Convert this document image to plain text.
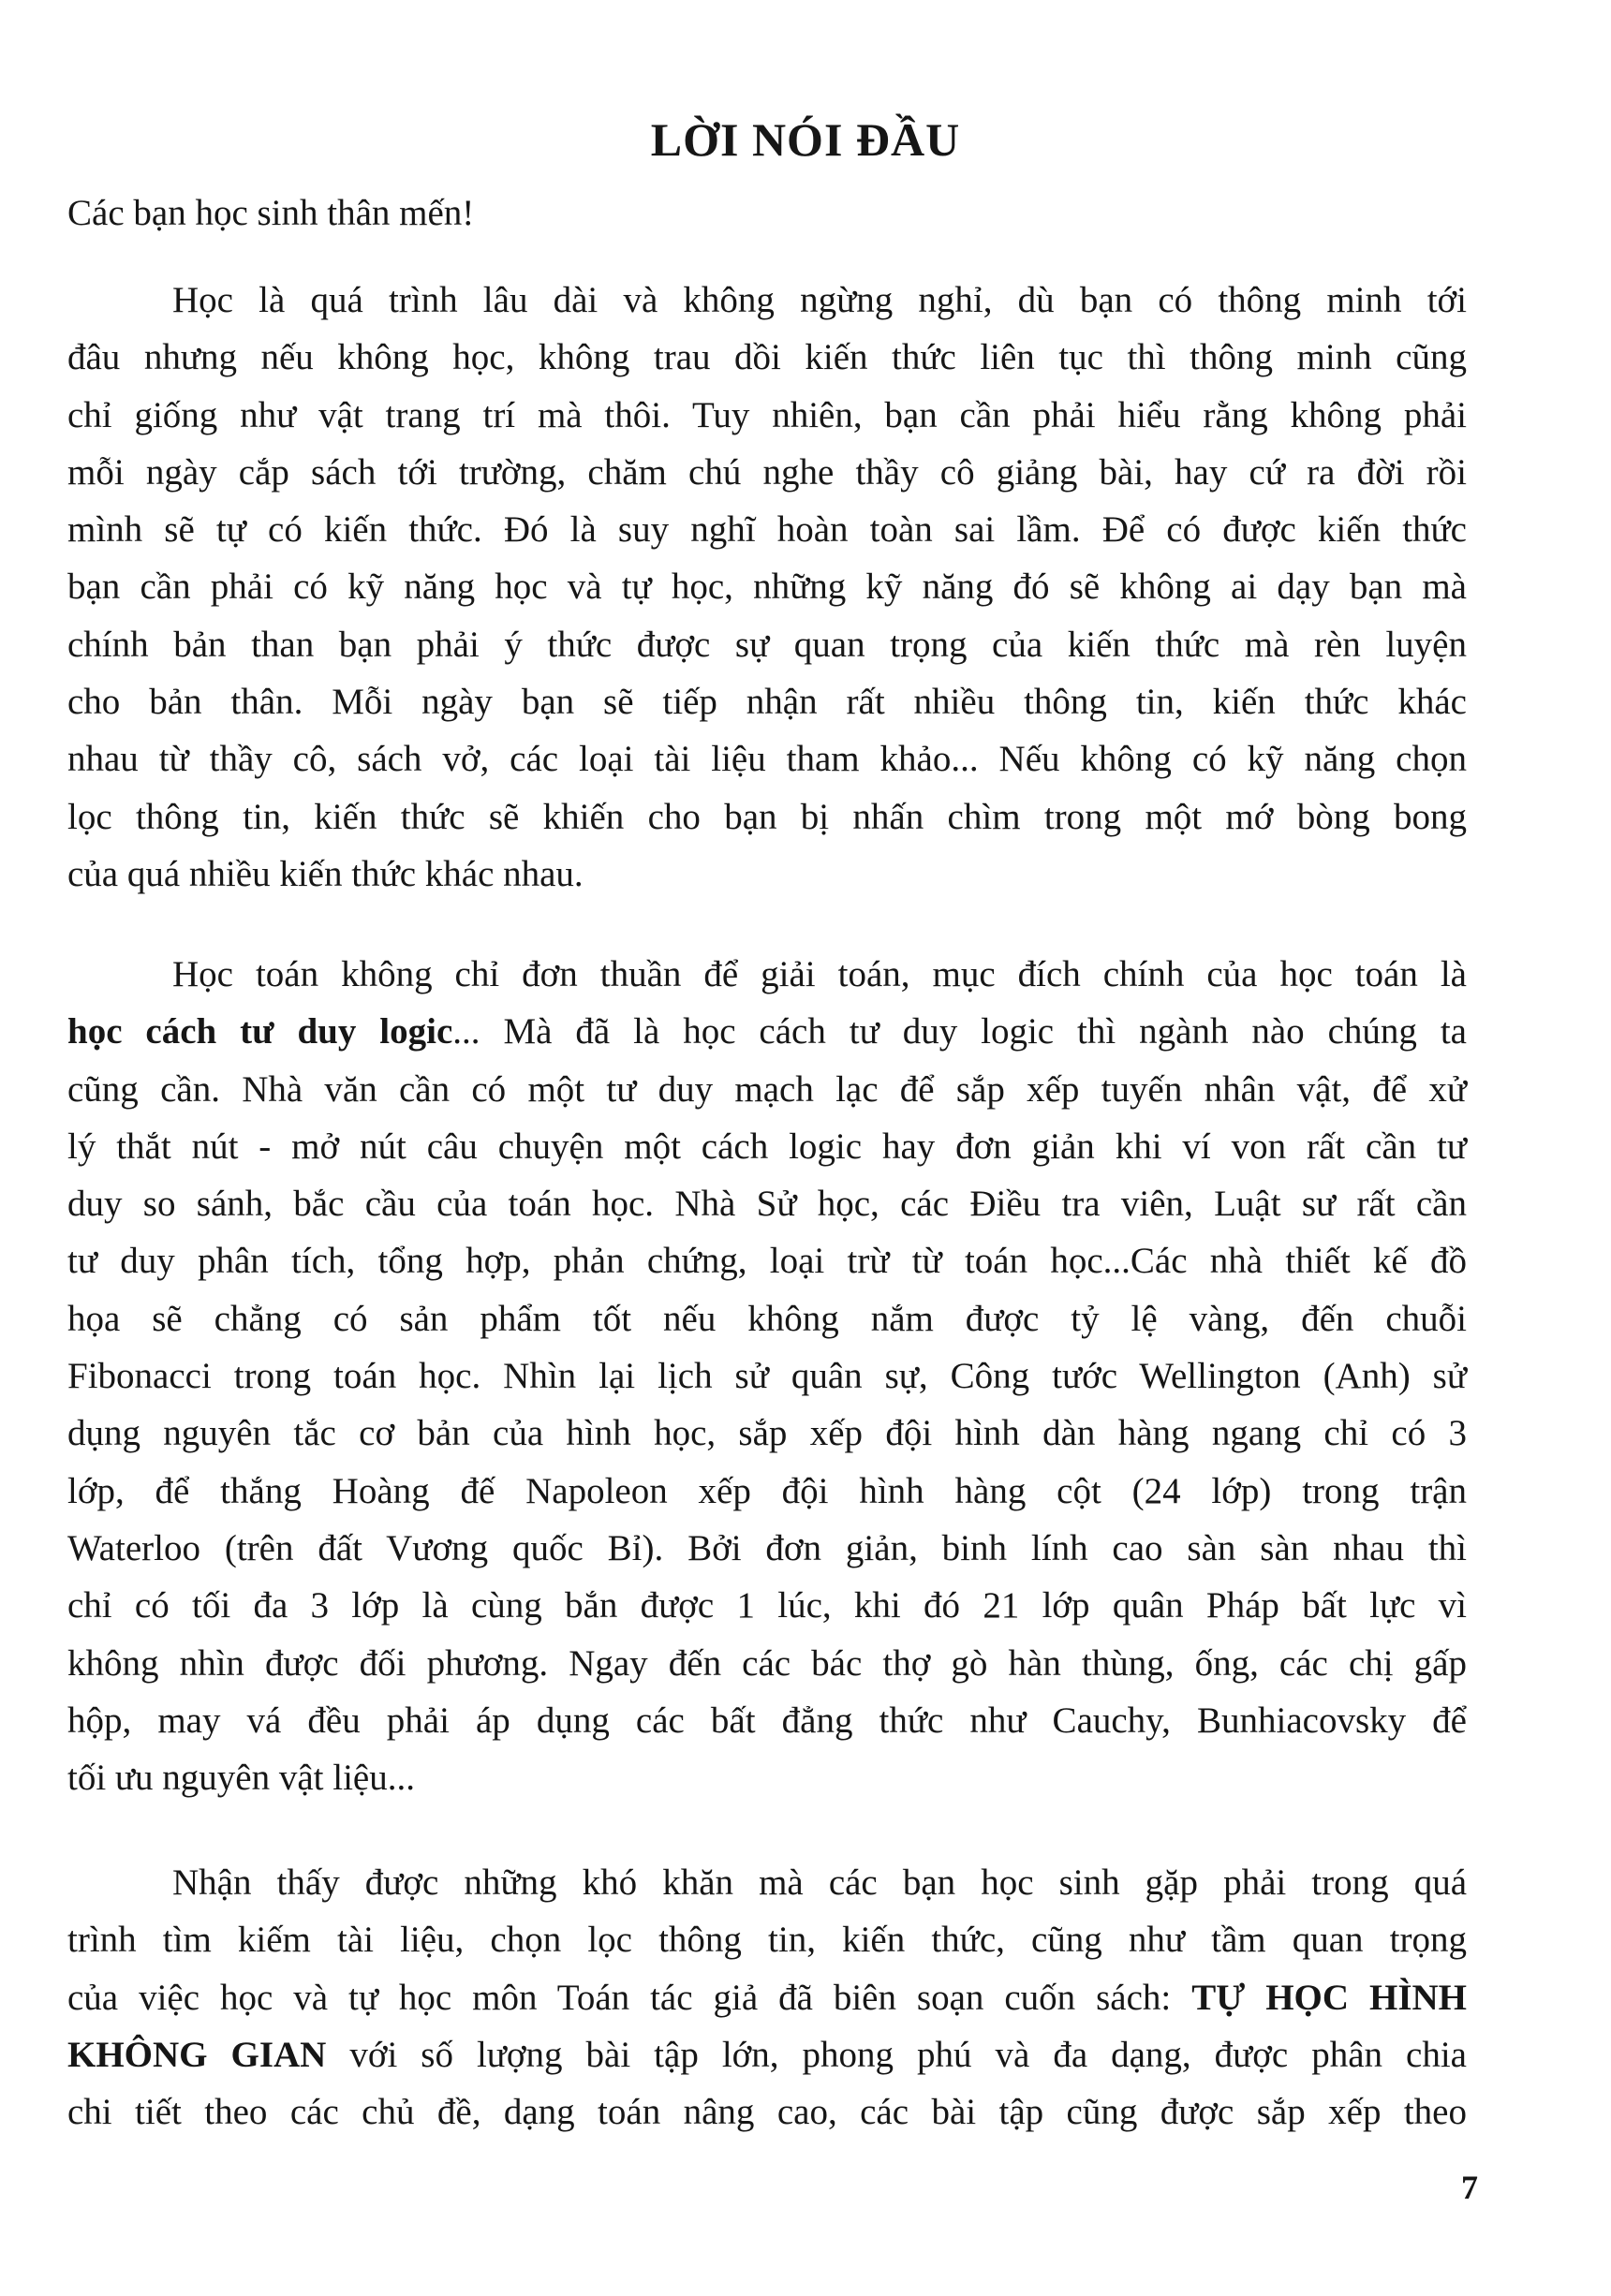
LỜI NÓI ĐẦU

Các bạn học sinh thân mến!

Học là quá trình lâu dài và không ngừng nghỉ, dù bạn có thông minh tới
đâu nhưng nếu không học, không trau dồi kiến thức liên tục thì thông minh cũng
chỉ giống như vật trang trí mà thôi. Tuy nhiên, bạn cần phải hiểu rằng không phải
mỗi ngày cắp sách tới trường, chăm chú nghe thầy cô giảng bài, hay cứ ra đời rồi
mình sẽ tự có kiến thức. Đó là suy nghĩ hoàn toàn sai lầm. Để có được kiến thức
bạn cần phải có kỹ năng học và tự học, những kỹ năng đó sẽ không ai dạy bạn mà
chính bản than bạn phải ý thức được sự quan trọng của kiến thức mà rèn luyện
cho bản thân. Mỗi ngày bạn sẽ tiếp nhận rất nhiều thông tin, kiến thức khác
nhau từ thầy cô, sách vở, các loại tài liệu tham khảo... Nếu không có kỹ năng chọn
lọc thông tin, kiến thức sẽ khiến cho bạn bị nhấn chìm trong một mớ bòng bong
của quá nhiều kiến thức khác nhau.
Học toán không chỉ đơn thuần để giải toán, mục đích chính của học toán là
học cách tư duy logic... Mà đã là học cách tư duy logic thì ngành nào chúng ta
cũng cần. Nhà văn cần có một tư duy mạch lạc để sắp xếp tuyến nhân vật, để xử
lý thắt nút - mở nút câu chuyện một cách logic hay đơn giản khi ví von rất cần tư
duy so sánh, bắc cầu của toán học. Nhà Sử học, các Điều tra viên, Luật sư rất cần
tư duy phân tích, tổng hợp, phản chứng, loại trừ từ toán học...Các nhà thiết kế đồ
họa sẽ chẳng có sản phẩm tốt nếu không nắm được tỷ lệ vàng, đến chuỗi
Fibonacci trong toán học. Nhìn lại lịch sử quân sự, Công tước Wellington (Anh) sử
dụng nguyên tắc cơ bản của hình học, sắp xếp đội hình dàn hàng ngang chỉ có 3
lớp, để thắng Hoàng đế Napoleon xếp đội hình hàng cột (24 lớp) trong trận
Waterloo (trên đất Vương quốc Bỉ). Bởi đơn giản, binh lính cao sàn sàn nhau thì
chỉ có tối đa 3 lớp là cùng bắn được 1 lúc, khi đó 21 lớp quân Pháp bất lực vì
không nhìn được đối phương. Ngay đến các bác thợ gò hàn thùng, ống, các chị gấp
hộp, may vá đều phải áp dụng các bất đẳng thức như Cauchy, Bunhiacovsky để
tối ưu nguyên vật liệu...
Nhận thấy được những khó khăn mà các bạn học sinh gặp phải trong quá
trình tìm kiếm tài liệu, chọn lọc thông tin, kiến thức, cũng như tầm quan trọng
của việc học và tự học môn Toán tác giả đã biên soạn cuốn sách: TỰ HỌC HÌNH
KHÔNG GIAN với số lượng bài tập lớn, phong phú và đa dạng, được phân chia
chi tiết theo các chủ đề, dạng toán nâng cao, các bài tập cũng được sắp xếp theo

7
